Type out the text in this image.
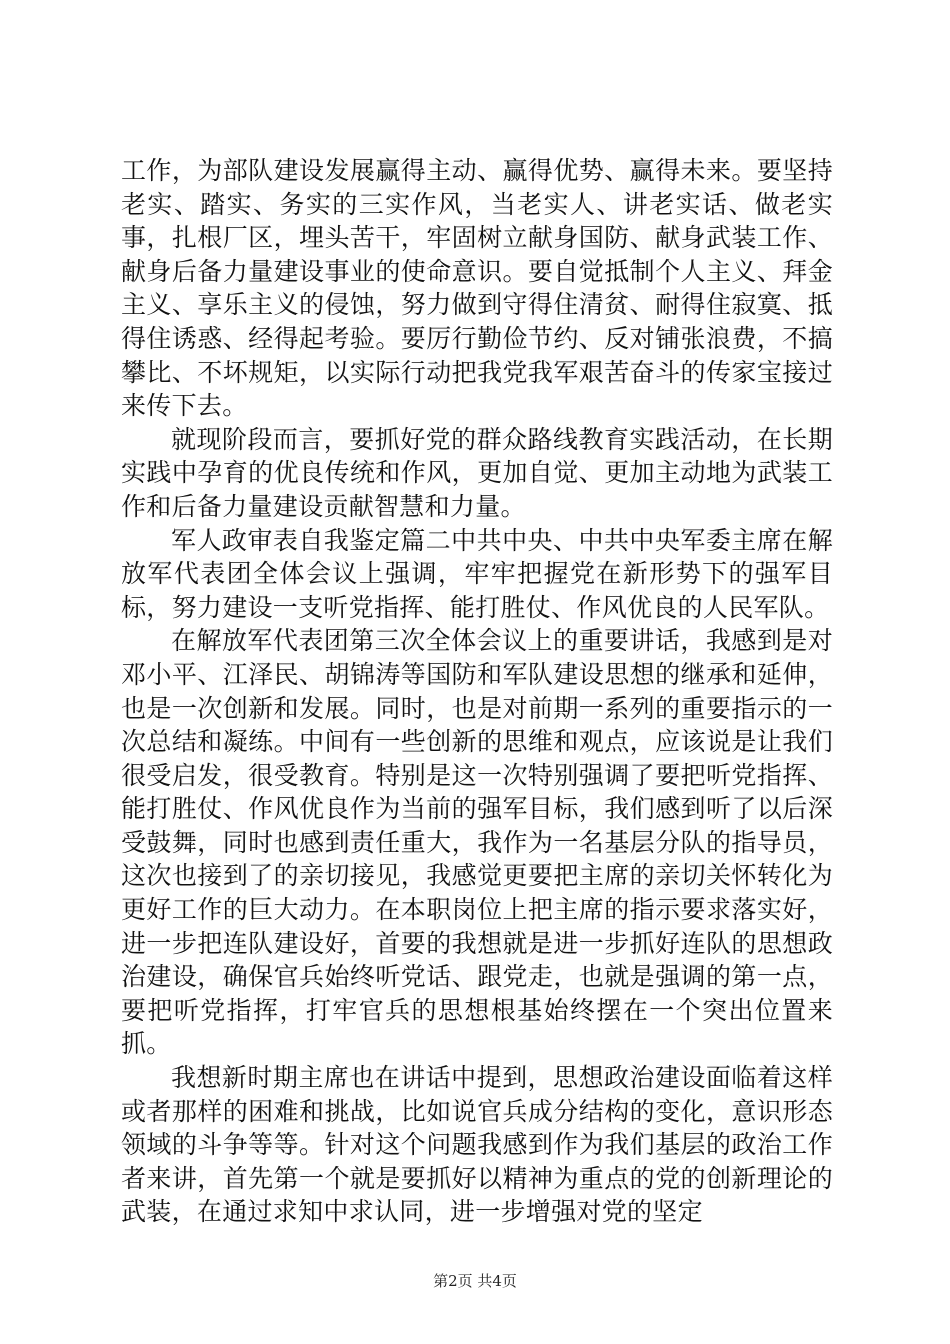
工作，为部队建设发展赢得主动、赢得优势、赢得未来。要坚持老实、踏实、务实的三实作风，当老实人、讲老实话、做老实事，扎根厂区，埋头苦干，牢固树立献身国防、献身武装工作、献身后备力量建设事业的使命意识。要自觉抵制个人主义、拜金主义、享乐主义的侵蚀，努力做到守得住清贫、耐得住寂寞、抵得住诱惑、经得起考验。要厉行勤俭节约、反对铺张浪费，不搞攀比、不坏规矩，以实际行动把我党我军艰苦奋斗的传家宝接过来传下去。

就现阶段而言，要抓好党的群众路线教育实践活动，在长期实践中孕育的优良传统和作风，更加自觉、更加主动地为武装工作和后备力量建设贡献智慧和力量。

军人政审表自我鉴定篇二中共中央、中共中央军委主席在解放军代表团全体会议上强调，牢牢把握党在新形势下的强军目标，努力建设一支听党指挥、能打胜仗、作风优良的人民军队。

在解放军代表团第三次全体会议上的重要讲话，我感到是对邓小平、江泽民、胡锦涛等国防和军队建设思想的继承和延伸，也是一次创新和发展。同时，也是对前期一系列的重要指示的一次总结和凝练。中间有一些创新的思维和观点，应该说是让我们很受启发，很受教育。特别是这一次特别强调了要把听党指挥、能打胜仗、作风优良作为当前的强军目标，我们感到听了以后深受鼓舞，同时也感到责任重大，我作为一名基层分队的指导员，这次也接到了的亲切接见，我感觉更要把主席的亲切关怀转化为更好工作的巨大动力。在本职岗位上把主席的指示要求落实好，进一步把连队建设好，首要的我想就是进一步抓好连队的思想政治建设，确保官兵始终听党话、跟党走，也就是强调的第一点，要把听党指挥，打牢官兵的思想根基始终摆在一个突出位置来抓。

我想新时期主席也在讲话中提到，思想政治建设面临着这样或者那样的困难和挑战，比如说官兵成分结构的变化，意识形态领域的斗争等等。针对这个问题我感到作为我们基层的政治工作者来讲，首先第一个就是要抓好以精神为重点的党的创新理论的武装，在通过求知中求认同，进一步增强对党的坚定

第2页 共4页
